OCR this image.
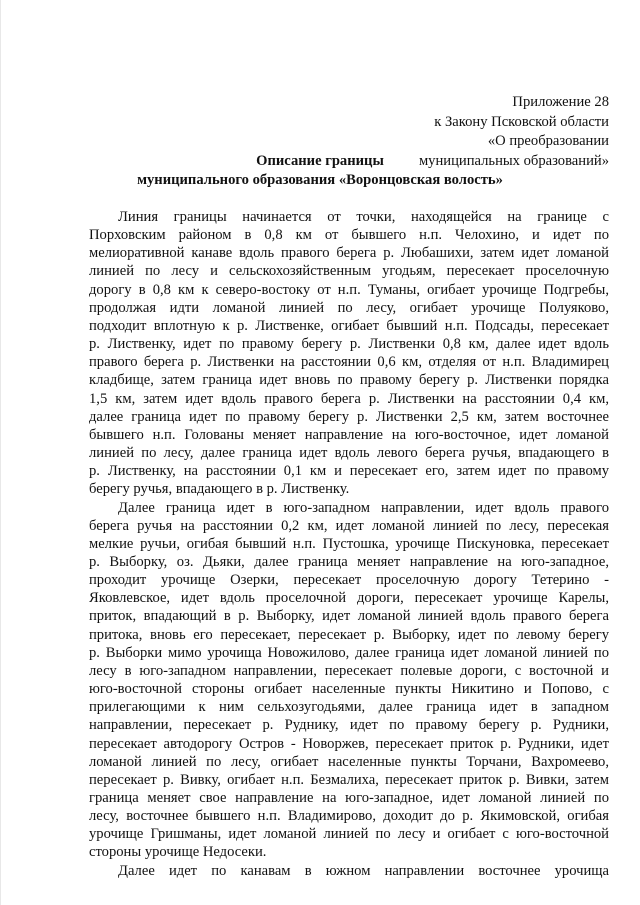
Приложение 28
к Закону Псковской области
«О преобразовании
муниципальных образований»
Описание границы
муниципального образования «Воронцовская волость»
Линия границы начинается от точки, находящейся на границе с
Порховским районом в 0,8 км от бывшего н.п. Челохино, и идет по
мелиоративной канаве вдоль правого берега р. Любашихи, затем идет ломаной
линией по лесу и сельскохозяйственным угодьям, пересекает проселочную
дорогу в 0,8 км к северо-востоку от н.п. Туманы, огибает урочище Подгребы,
продолжая идти ломаной линией по лесу, огибает урочище Полуяково,
подходит вплотную к р. Лиственке, огибает бывший н.п. Подсады, пересекает
р. Лиственку, идет по правому берегу р. Лиственки 0,8 км, далее идет вдоль
правого берега р. Лиственки на расстоянии 0,6 км, отделяя от н.п. Владимирец
кладбище, затем граница идет вновь по правому берегу р. Лиственки порядка
1,5 км, затем идет вдоль правого берега р. Лиственки на расстоянии 0,4 км,
далее граница идет по правому берегу р. Лиственки 2,5 км, затем восточнее
бывшего н.п. Голованы меняет направление на юго-восточное, идет ломаной
линией по лесу, далее граница идет вдоль левого берега ручья, впадающего в
р. Лиственку, на расстоянии 0,1 км и пересекает его, затем идет по правому
берегу ручья, впадающего в р. Лиственку.
Далее граница идет в юго-западном направлении, идет вдоль правого
берега ручья на расстоянии 0,2 км, идет ломаной линией по лесу, пересекая
мелкие ручьи, огибая бывший н.п. Пустошка, урочище Пискуновка, пересекает
р. Выборку, оз. Дьяки, далее граница меняет направление на юго-западное,
проходит урочище Озерки, пересекает проселочную дорогу Тетерино -
Яковлевское, идет вдоль проселочной дороги, пересекает урочище Карелы,
приток, впадающий в р. Выборку, идет ломаной линией вдоль правого берега
притока, вновь его пересекает, пересекает р. Выборку, идет по левому берегу
р. Выборки мимо урочища Новожилово, далее граница идет ломаной линией по
лесу в юго-западном направлении, пересекает полевые дороги, с восточной и
юго-восточной стороны огибает населенные пункты Никитино и Попово, с
прилегающими к ним сельхозугодьями, далее граница идет в западном
направлении, пересекает р. Руднику, идет по правому берегу р. Рудники,
пересекает автодорогу Остров - Новоржев, пересекает приток р. Рудники, идет
ломаной линией по лесу, огибает населенные пункты Торчани, Вахромеево,
пересекает р. Вивку, огибает н.п. Безмалиха, пересекает приток р. Вивки, затем
граница меняет свое направление на юго-западное, идет ломаной линией по
лесу, восточнее бывшего н.п. Владимирово, доходит до р. Якимовской, огибая
урочище Гришманы, идет ломаной линией по лесу и огибает с юго-восточной
стороны урочище Недосеки.
Далее идет по канавам в южном направлении восточнее урочища
